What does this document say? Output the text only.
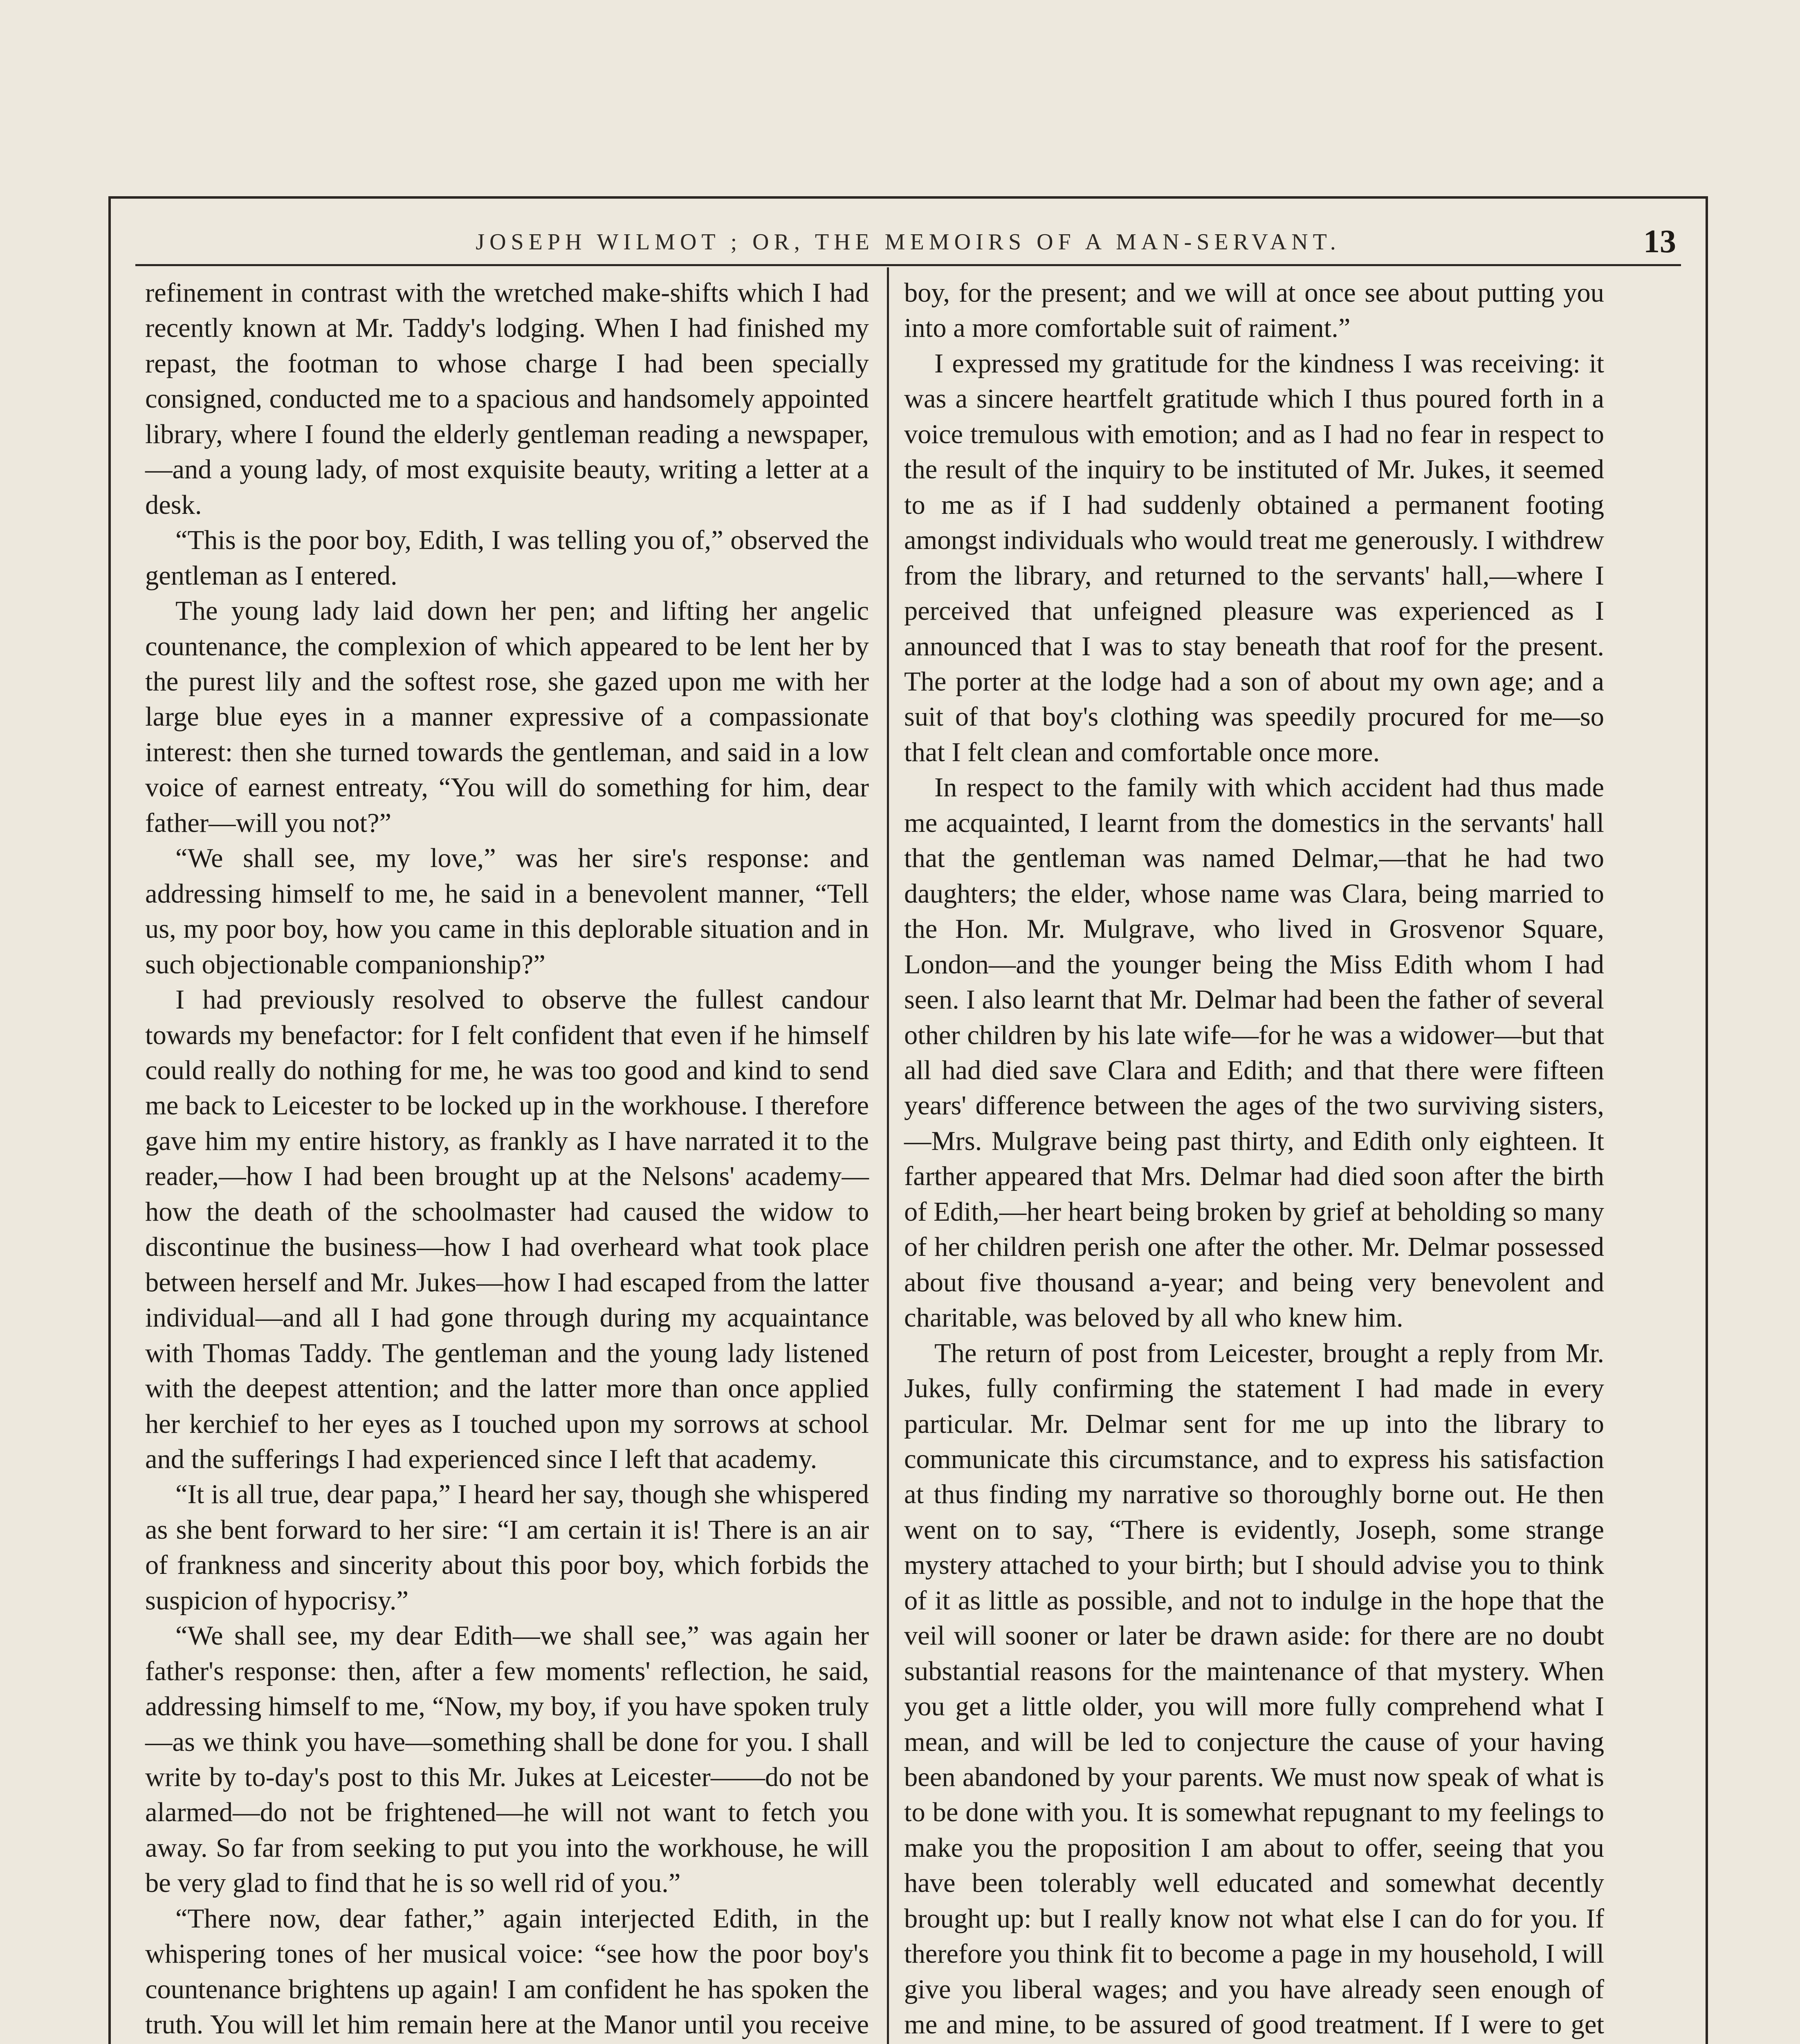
JOSEPH WILMOT ; OR, THE MEMOIRS OF A MAN-SERVANT.	13

refinement in contrast with the wretched make-shifts which I had recently known at Mr. Taddy's lodging. When I had finished my repast, the footman to whose charge I had been specially consigned, conducted me to a spacious and handsomely appointed library, where I found the elderly gentleman reading a newspaper,—and a young lady, of most exquisite beauty, writing a letter at a desk.

“This is the poor boy, Edith, I was telling you of,” observed the gentleman as I entered.

The young lady laid down her pen; and lifting her angelic countenance, the complexion of which appeared to be lent her by the purest lily and the softest rose, she gazed upon me with her large blue eyes in a manner expressive of a compassionate interest: then she turned towards the gentleman, and said in a low voice of earnest entreaty, “You will do something for him, dear father—will you not?”

“We shall see, my love,” was her sire's response: and addressing himself to me, he said in a benevolent manner, “Tell us, my poor boy, how you came in this deplorable situation and in such objectionable companionship?”

I had previously resolved to observe the fullest candour towards my benefactor: for I felt confident that even if he himself could really do nothing for me, he was too good and kind to send me back to Leicester to be locked up in the workhouse. I therefore gave him my entire history, as frankly as I have narrated it to the reader,—how I had been brought up at the Nelsons' academy—how the death of the schoolmaster had caused the widow to discontinue the business—how I had overheard what took place between herself and Mr. Jukes—how I had escaped from the latter individual—and all I had gone through during my acquaintance with Thomas Taddy. The gentleman and the young lady listened with the deepest attention; and the latter more than once applied her kerchief to her eyes as I touched upon my sorrows at school and the sufferings I had experienced since I left that academy.

“It is all true, dear papa,” I heard her say, though she whispered as she bent forward to her sire: “I am certain it is! There is an air of frankness and sincerity about this poor boy, which forbids the suspicion of hypocrisy.”

“We shall see, my dear Edith—we shall see,” was again her father's response: then, after a few moments' reflection, he said, addressing himself to me, “Now, my boy, if you have spoken truly—as we think you have—something shall be done for you. I shall write by to-day's post to this Mr. Jukes at Leicester——do not be alarmed—do not be frightened—he will not want to fetch you away. So far from seeking to put you into the workhouse, he will be very glad to find that he is so well rid of you.”

“There now, dear father,” again interjected Edith, in the whispering tones of her musical voice: “see how the poor boy's countenance brightens up again! I am confident he has spoken the truth. You will let him remain here at the Manor until you receive

boy, for the present; and we will at once see about putting you into a more comfortable suit of raiment.”

I expressed my gratitude for the kindness I was receiving: it was a sincere heartfelt gratitude which I thus poured forth in a voice tremulous with emotion; and as I had no fear in respect to the result of the inquiry to be instituted of Mr. Jukes, it seemed to me as if I had suddenly obtained a permanent footing amongst individuals who would treat me generously. I withdrew from the library, and returned to the servants' hall,—where I perceived that unfeigned pleasure was experienced as I announced that I was to stay beneath that roof for the present. The porter at the lodge had a son of about my own age; and a suit of that boy's clothing was speedily procured for me—so that I felt clean and comfortable once more.

In respect to the family with which accident had thus made me acquainted, I learnt from the domestics in the servants' hall that the gentleman was named Delmar,—that he had two daughters; the elder, whose name was Clara, being married to the Hon. Mr. Mulgrave, who lived in Grosvenor Square, London—and the younger being the Miss Edith whom I had seen. I also learnt that Mr. Delmar had been the father of several other children by his late wife—for he was a widower—but that all had died save Clara and Edith; and that there were fifteen years' difference between the ages of the two surviving sisters,—Mrs. Mulgrave being past thirty, and Edith only eighteen. It farther appeared that Mrs. Delmar had died soon after the birth of Edith,—her heart being broken by grief at beholding so many of her children perish one after the other. Mr. Delmar possessed about five thousand a-year; and being very benevolent and charitable, was beloved by all who knew him.

The return of post from Leicester, brought a reply from Mr. Jukes, fully confirming the statement I had made in every particular. Mr. Delmar sent for me up into the library to communicate this circumstance, and to express his satisfaction at thus finding my narrative so thoroughly borne out. He then went on to say, “There is evidently, Joseph, some strange mystery attached to your birth; but I should advise you to think of it as little as possible, and not to indulge in the hope that the veil will sooner or later be drawn aside: for there are no doubt substantial reasons for the maintenance of that mystery. When you get a little older, you will more fully comprehend what I mean, and will be led to conjecture the cause of your having been abandoned by your parents. We must now speak of what is to be done with you. It is somewhat repugnant to my feelings to make you the proposition I am about to offer, seeing that you have been tolerably well educated and somewhat decently brought up: but I really know not what else I can do for you. If therefore you think fit to become a page in my household, I will give you liberal wages; and you have already seen enough of me and mine, to be assured of good treatment. If I were to get
